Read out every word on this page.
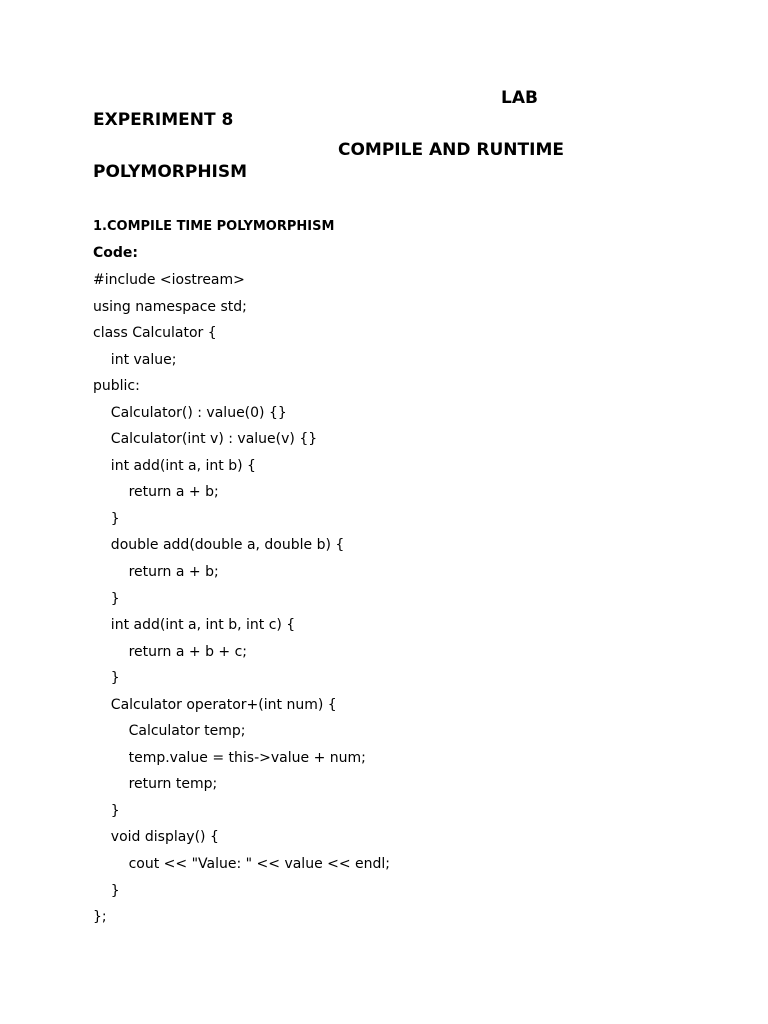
LAB
EXPERIMENT 8
COMPILE AND RUNTIME
POLYMORPHISM
1.COMPILE TIME POLYMORPHISM
Code:
#include <iostream>
using namespace std;
class Calculator {
int value;
public:
Calculator() : value(0) {}
Calculator(int v) : value(v) {}
int add(int a, int b) {
return a + b;
}
double add(double a, double b) {
return a + b;
}
int add(int a, int b, int c) {
return a + b + c;
}
Calculator operator+(int num) {
Calculator temp;
temp.value = this->value + num;
return temp;
}
void display() {
cout << "Value: " << value << endl;
}
};
